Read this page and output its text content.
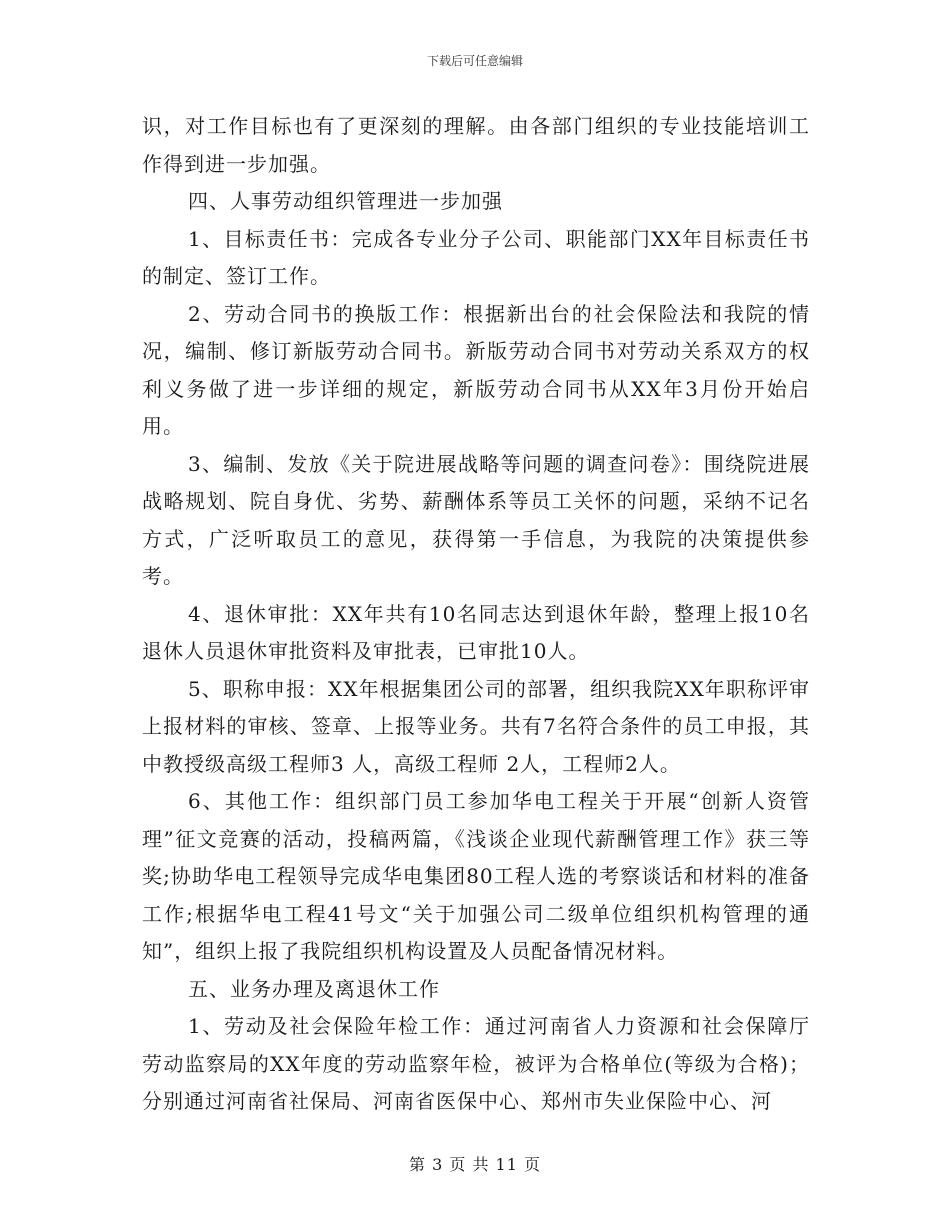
下载后可任意编辑

识，对工作目标也有了更深刻的理解。由各部门组织的专业技能培训工作得到进一步加强。

四、人事劳动组织管理进一步加强

1、目标责任书：完成各专业分子公司、职能部门XX年目标责任书的制定、签订工作。

2、劳动合同书的换版工作：根据新出台的社会保险法和我院的情况，编制、修订新版劳动合同书。新版劳动合同书对劳动关系双方的权利义务做了进一步详细的规定，新版劳动合同书从XX年3月份开始启用。

3、编制、发放《关于院进展战略等问题的调查问卷》：围绕院进展战略规划、院自身优、劣势、薪酬体系等员工关怀的问题，采纳不记名方式，广泛听取员工的意见，获得第一手信息，为我院的决策提供参考。

4、退休审批：XX年共有10名同志达到退休年龄，整理上报10名退休人员退休审批资料及审批表，已审批10人。

5、职称申报：XX年根据集团公司的部署，组织我院XX年职称评审上报材料的审核、签章、上报等业务。共有7名符合条件的员工申报，其中教授级高级工程师3 人，高级工程师 2人，工程师2人。

6、其他工作：组织部门员工参加华电工程关于开展“创新人资管理”征文竞赛的活动，投稿两篇，《浅谈企业现代薪酬管理工作》获三等奖;协助华电工程领导完成华电集团80工程人选的考察谈话和材料的准备工作;根据华电工程41号文“关于加强公司二级单位组织机构管理的通知”，组织上报了我院组织机构设置及人员配备情况材料。

五、业务办理及离退休工作

1、劳动及社会保险年检工作：通过河南省人力资源和社会保障厅劳动监察局的XX年度的劳动监察年检，被评为合格单位(等级为合格)；分别通过河南省社保局、河南省医保中心、郑州市失业保险中心、河

第 3 页 共 11 页
